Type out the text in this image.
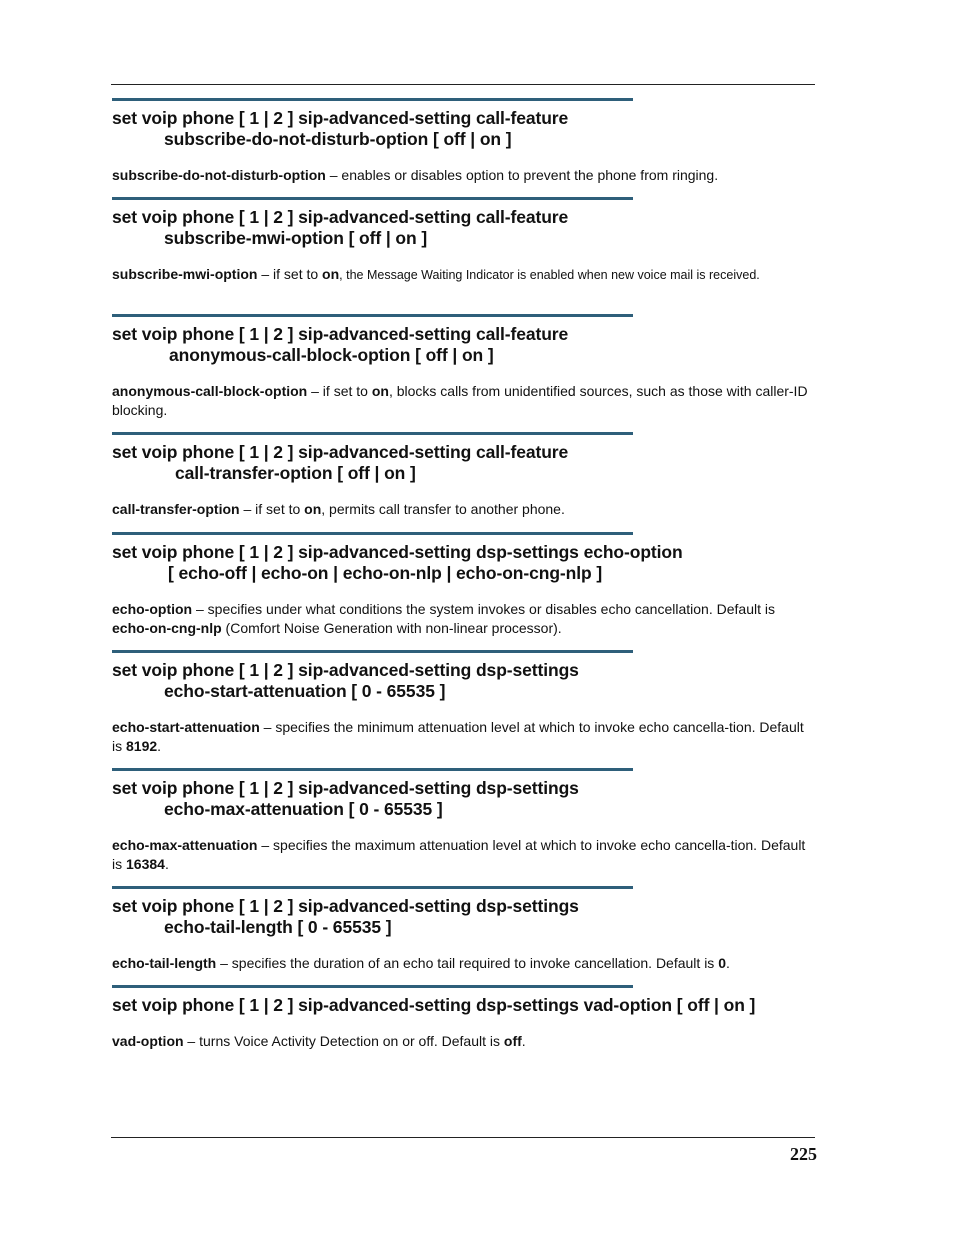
set voip phone [ 1 | 2 ] sip-advanced-setting call-feature
subscribe-do-not-disturb-option [ off | on ]
subscribe-do-not-disturb-option – enables or disables option to prevent the phone from ringing.
set voip phone [ 1 | 2 ] sip-advanced-setting call-feature
subscribe-mwi-option [ off | on ]
subscribe-mwi-option – if set to on, the Message Waiting Indicator is enabled when new voice mail is received.
set voip phone [ 1 | 2 ] sip-advanced-setting call-feature
anonymous-call-block-option [ off | on ]
anonymous-call-block-option – if set to on, blocks calls from unidentified sources, such as those with caller-ID blocking.
set voip phone [ 1 | 2 ] sip-advanced-setting call-feature
call-transfer-option [ off | on ]
call-transfer-option – if set to on, permits call transfer to another phone.
set voip phone [ 1 | 2 ] sip-advanced-setting dsp-settings echo-option
[ echo-off | echo-on | echo-on-nlp | echo-on-cng-nlp ]
echo-option – specifies under what conditions the system invokes or disables echo cancellation. Default is echo-on-cng-nlp (Comfort Noise Generation with non-linear processor).
set voip phone [ 1 | 2 ] sip-advanced-setting dsp-settings
echo-start-attenuation [ 0 - 65535 ]
echo-start-attenuation – specifies the minimum attenuation level at which to invoke echo cancella-tion. Default is 8192.
set voip phone [ 1 | 2 ] sip-advanced-setting dsp-settings
echo-max-attenuation [ 0 - 65535 ]
echo-max-attenuation – specifies the maximum attenuation level at which to invoke echo cancella-tion. Default is 16384.
set voip phone [ 1 | 2 ] sip-advanced-setting dsp-settings
echo-tail-length [ 0 - 65535 ]
echo-tail-length – specifies the duration of an echo tail required to invoke cancellation. Default is 0.
set voip phone [ 1 | 2 ] sip-advanced-setting dsp-settings vad-option [ off | on ]
vad-option – turns Voice Activity Detection on or off. Default is off.
225
